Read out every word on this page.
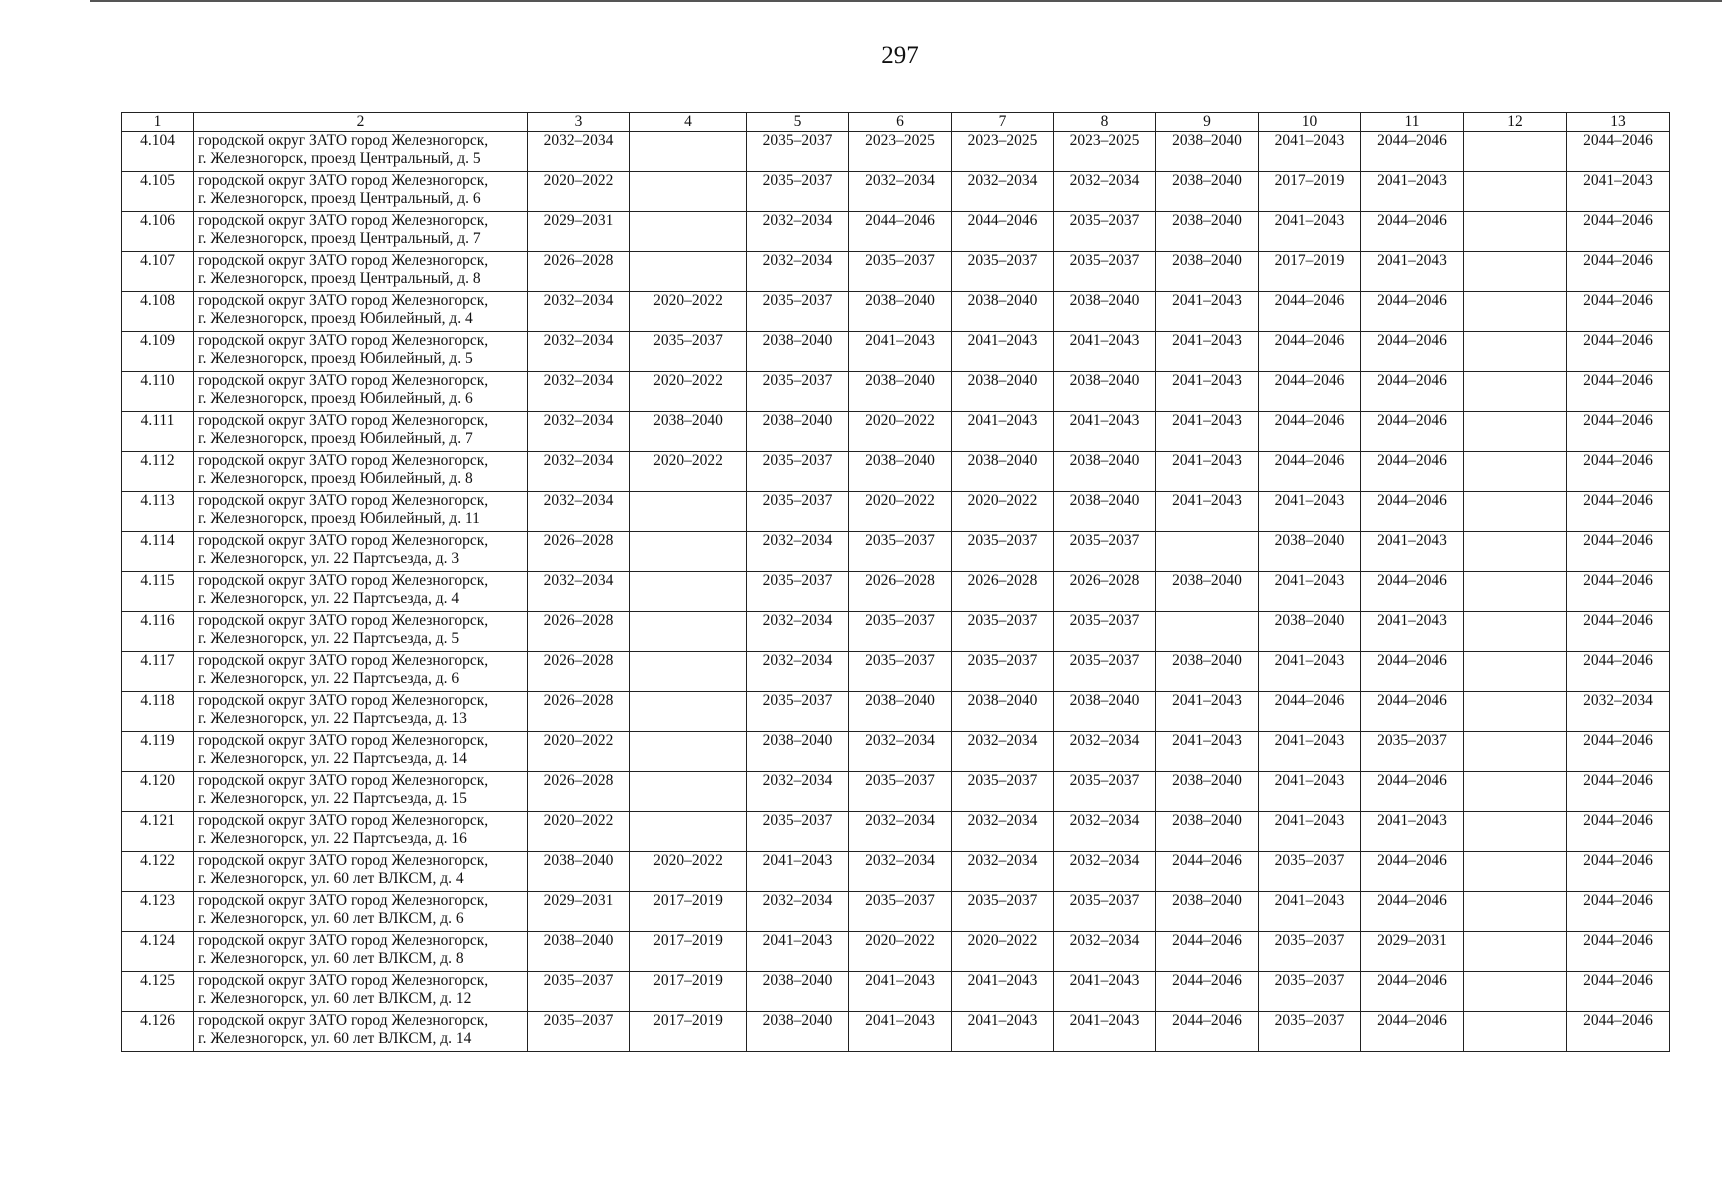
297
1	2	3	4	5	6	7	8	9	10	11	12	13
4.104	городской округ ЗАТО город Железногорск,
г. Железногорск, проезд Центральный, д. 5	2032–2034		2035–2037	2023–2025	2023–2025	2023–2025	2038–2040	2041–2043	2044–2046		2044–2046
4.105	городской округ ЗАТО город Железногорск,
г. Железногорск, проезд Центральный, д. 6	2020–2022		2035–2037	2032–2034	2032–2034	2032–2034	2038–2040	2017–2019	2041–2043		2041–2043
4.106	городской округ ЗАТО город Железногорск,
г. Железногорск, проезд Центральный, д. 7	2029–2031		2032–2034	2044–2046	2044–2046	2035–2037	2038–2040	2041–2043	2044–2046		2044–2046
4.107	городской округ ЗАТО город Железногорск,
г. Железногорск, проезд Центральный, д. 8	2026–2028		2032–2034	2035–2037	2035–2037	2035–2037	2038–2040	2017–2019	2041–2043		2044–2046
4.108	городской округ ЗАТО город Железногорск,
г. Железногорск, проезд Юбилейный, д. 4	2032–2034	2020–2022	2035–2037	2038–2040	2038–2040	2038–2040	2041–2043	2044–2046	2044–2046		2044–2046
4.109	городской округ ЗАТО город Железногорск,
г. Железногорск, проезд Юбилейный, д. 5	2032–2034	2035–2037	2038–2040	2041–2043	2041–2043	2041–2043	2041–2043	2044–2046	2044–2046		2044–2046
4.110	городской округ ЗАТО город Железногорск,
г. Железногорск, проезд Юбилейный, д. 6	2032–2034	2020–2022	2035–2037	2038–2040	2038–2040	2038–2040	2041–2043	2044–2046	2044–2046		2044–2046
4.111	городской округ ЗАТО город Железногорск,
г. Железногорск, проезд Юбилейный, д. 7	2032–2034	2038–2040	2038–2040	2020–2022	2041–2043	2041–2043	2041–2043	2044–2046	2044–2046		2044–2046
4.112	городской округ ЗАТО город Железногорск,
г. Железногорск, проезд Юбилейный, д. 8	2032–2034	2020–2022	2035–2037	2038–2040	2038–2040	2038–2040	2041–2043	2044–2046	2044–2046		2044–2046
4.113	городской округ ЗАТО город Железногорск,
г. Железногорск, проезд Юбилейный, д. 11	2032–2034		2035–2037	2020–2022	2020–2022	2038–2040	2041–2043	2041–2043	2044–2046		2044–2046
4.114	городской округ ЗАТО город Железногорск,
г. Железногорск, ул. 22 Партсъезда, д. 3	2026–2028		2032–2034	2035–2037	2035–2037	2035–2037		2038–2040	2041–2043		2044–2046
4.115	городской округ ЗАТО город Железногорск,
г. Железногорск, ул. 22 Партсъезда, д. 4	2032–2034		2035–2037	2026–2028	2026–2028	2026–2028	2038–2040	2041–2043	2044–2046		2044–2046
4.116	городской округ ЗАТО город Железногорск,
г. Железногорск, ул. 22 Партсъезда, д. 5	2026–2028		2032–2034	2035–2037	2035–2037	2035–2037		2038–2040	2041–2043		2044–2046
4.117	городской округ ЗАТО город Железногорск,
г. Железногорск, ул. 22 Партсъезда, д. 6	2026–2028		2032–2034	2035–2037	2035–2037	2035–2037	2038–2040	2041–2043	2044–2046		2044–2046
4.118	городской округ ЗАТО город Железногорск,
г. Железногорск, ул. 22 Партсъезда, д. 13	2026–2028		2035–2037	2038–2040	2038–2040	2038–2040	2041–2043	2044–2046	2044–2046		2032–2034
4.119	городской округ ЗАТО город Железногорск,
г. Железногорск, ул. 22 Партсъезда, д. 14	2020–2022		2038–2040	2032–2034	2032–2034	2032–2034	2041–2043	2041–2043	2035–2037		2044–2046
4.120	городской округ ЗАТО город Железногорск,
г. Железногорск, ул. 22 Партсъезда, д. 15	2026–2028		2032–2034	2035–2037	2035–2037	2035–2037	2038–2040	2041–2043	2044–2046		2044–2046
4.121	городской округ ЗАТО город Железногорск,
г. Железногорск, ул. 22 Партсъезда, д. 16	2020–2022		2035–2037	2032–2034	2032–2034	2032–2034	2038–2040	2041–2043	2041–2043		2044–2046
4.122	городской округ ЗАТО город Железногорск,
г. Железногорск, ул. 60 лет ВЛКСМ, д. 4	2038–2040	2020–2022	2041–2043	2032–2034	2032–2034	2032–2034	2044–2046	2035–2037	2044–2046		2044–2046
4.123	городской округ ЗАТО город Железногорск,
г. Железногорск, ул. 60 лет ВЛКСМ, д. 6	2029–2031	2017–2019	2032–2034	2035–2037	2035–2037	2035–2037	2038–2040	2041–2043	2044–2046		2044–2046
4.124	городской округ ЗАТО город Железногорск,
г. Железногорск, ул. 60 лет ВЛКСМ, д. 8	2038–2040	2017–2019	2041–2043	2020–2022	2020–2022	2032–2034	2044–2046	2035–2037	2029–2031		2044–2046
4.125	городской округ ЗАТО город Железногорск,
г. Железногорск, ул. 60 лет ВЛКСМ, д. 12	2035–2037	2017–2019	2038–2040	2041–2043	2041–2043	2041–2043	2044–2046	2035–2037	2044–2046		2044–2046
4.126	городской округ ЗАТО город Железногорск,
г. Железногорск, ул. 60 лет ВЛКСМ, д. 14	2035–2037	2017–2019	2038–2040	2041–2043	2041–2043	2041–2043	2044–2046	2035–2037	2044–2046		2044–2046
